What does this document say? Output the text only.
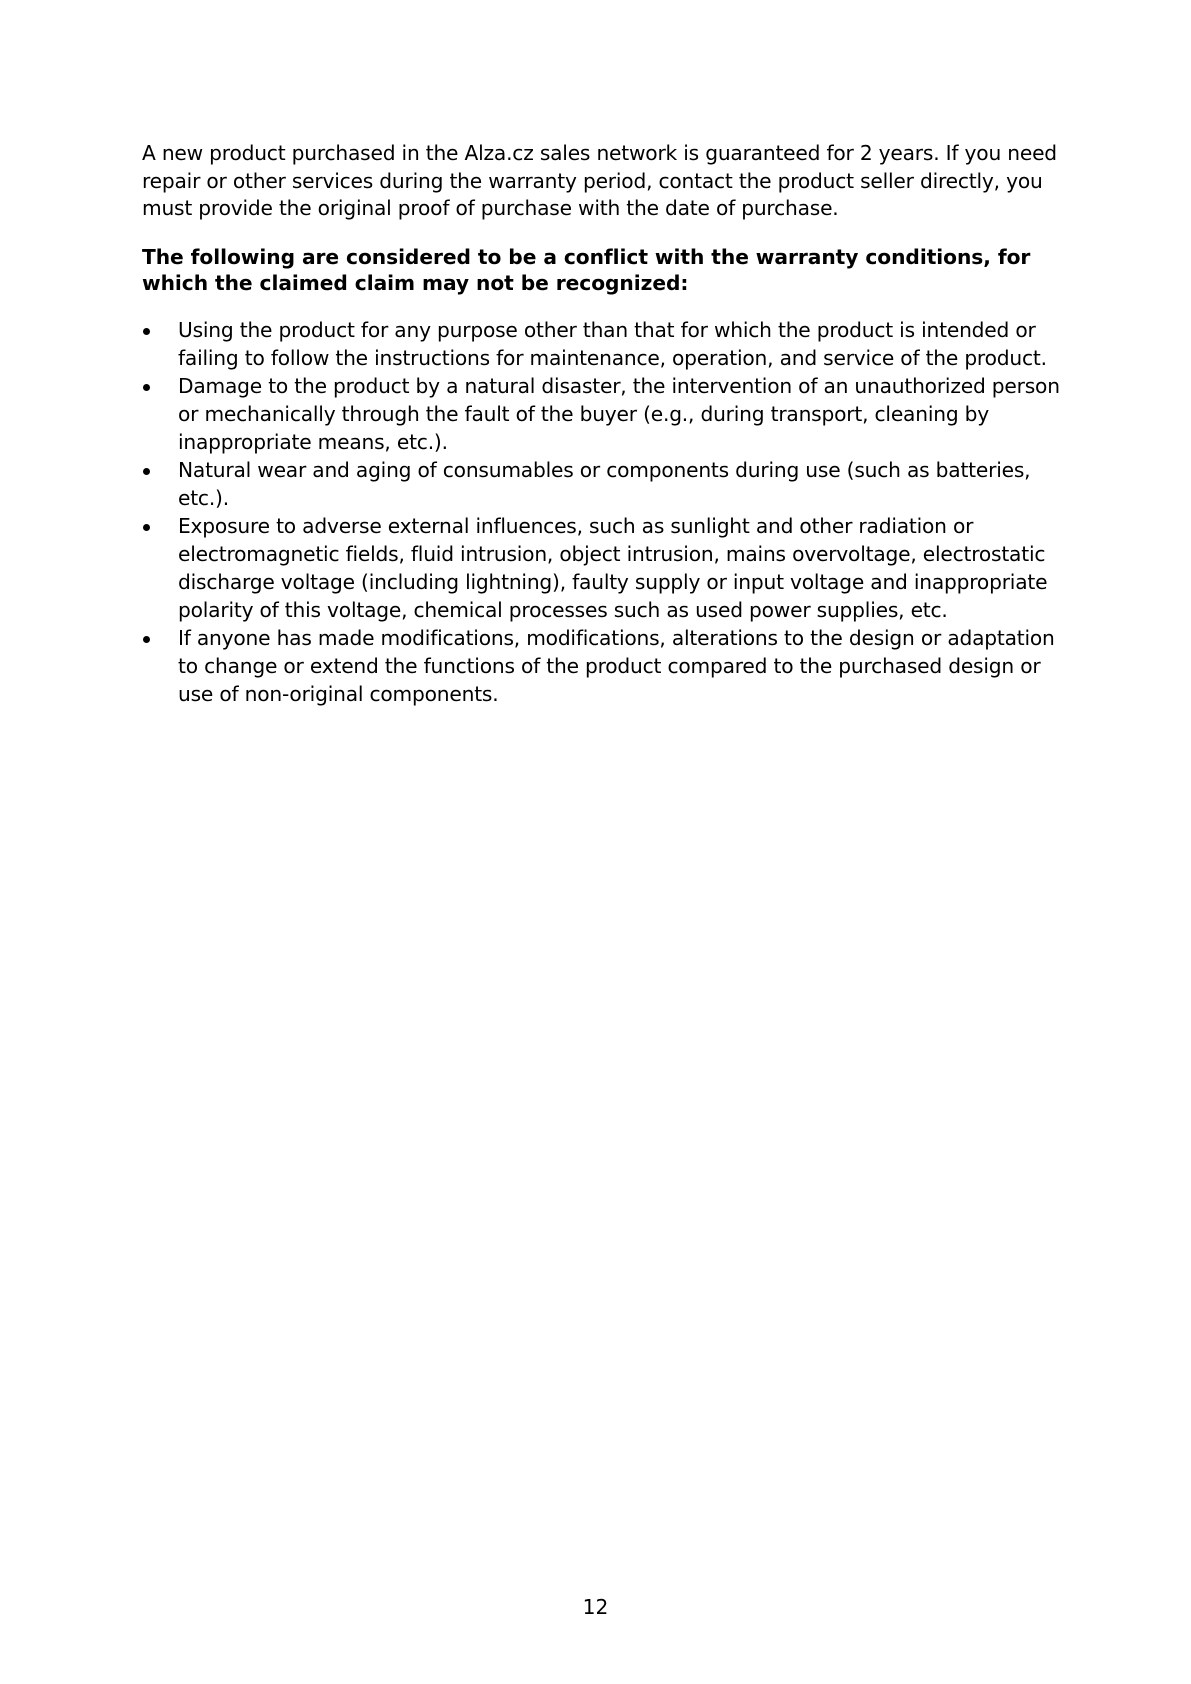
A new product purchased in the Alza.cz sales network is guaranteed for 2 years. If you need repair or other services during the warranty period, contact the product seller directly, you must provide the original proof of purchase with the date of purchase.

The following are considered to be a conflict with the warranty conditions, for which the claimed claim may not be recognized:

Using the product for any purpose other than that for which the product is intended or failing to follow the instructions for maintenance, operation, and service of the product.
Damage to the product by a natural disaster, the intervention of an unauthorized person or mechanically through the fault of the buyer (e.g., during transport, cleaning by inappropriate means, etc.).
Natural wear and aging of consumables or components during use (such as batteries, etc.).
Exposure to adverse external influences, such as sunlight and other radiation or electromagnetic fields, fluid intrusion, object intrusion, mains overvoltage, electrostatic discharge voltage (including lightning), faulty supply or input voltage and inappropriate polarity of this voltage, chemical processes such as used power supplies, etc.
If anyone has made modifications, modifications, alterations to the design or adaptation to change or extend the functions of the product compared to the purchased design or use of non-original components.
12
